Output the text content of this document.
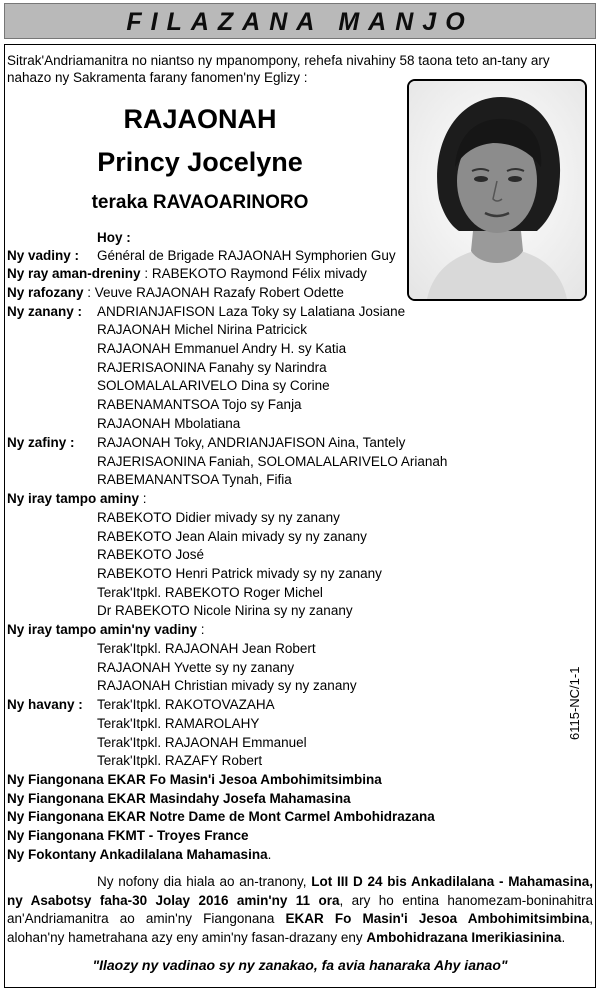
FILAZANA MANJO
Sitrak'Andriamanitra no niantso ny mpanompony, rehefa nivahiny 58 taona teto an-tany ary nahazo ny Sakramenta farany fanomen'ny Eglizy :
RAJAONAH
Princy Jocelyne
teraka RAVAOARINORO
Hoy :
Ny vadiny : Général de Brigade RAJAONAH Symphorien Guy
Ny ray aman-dreniny : RABEKOTO Raymond Félix mivady
Ny rafozany : Veuve RAJAONAH Razafy Robert Odette
Ny zanany : ANDRIANJAFISON Laza Toky sy Lalatiana Josiane
RAJAONAH Michel Nirina Patricick
RAJAONAH Emmanuel Andry H. sy Katia
RAJERISAONINA Fanahy sy Narindra
SOLOMALALARIVELO Dina sy Corine
RABENAMANTSOA Tojo sy Fanja
RAJAONAH Mbolatiana
Ny zafiny : RAJAONAH Toky, ANDRIANJAFISON Aina, Tantely
RAJERISAONINA Faniah, SOLOMALALARIVELO Arianah
RABEMANANTSOA Tynah, Fifia
Ny iray tampo aminy :
RABEKOTO Didier mivady sy ny zanany
RABEKOTO Jean Alain mivady sy ny zanany
RABEKOTO José
RABEKOTO Henri Patrick mivady sy ny zanany
Terak'Itpkl. RABEKOTO Roger Michel
Dr RABEKOTO Nicole Nirina sy ny zanany
Ny iray tampo amin'ny vadiny :
Terak'Itpkl. RAJAONAH Jean Robert
RAJAONAH Yvette sy ny zanany
RAJAONAH Christian mivady sy ny zanany
Ny havany : Terak'Itpkl. RAKOTOVAZAHA
Terak'Itpkl. RAMAROLAHY
Terak'Itpkl. RAJAONAH Emmanuel
Terak'Itpkl. RAZAFY Robert
Ny Fiangonana EKAR Fo Masin'i Jesoa Ambohimitsimbina
Ny Fiangonana EKAR Masindahy Josefa Mahamasina
Ny Fiangonana EKAR Notre Dame de Mont Carmel Ambohidrazana
Ny Fiangonana FKMT - Troyes France
Ny Fokontany Ankadilalana Mahamasina.
Ny nofony dia hiala ao an-tranony, Lot III D 24 bis Ankadilalana - Mahamasina, ny Asabotsy faha-30 Jolay 2016 amin'ny 11 ora, ary ho entina hanomezam-boninahitra an'Andriamanitra ao amin'ny Fiangonana EKAR Fo Masin'i Jesoa Ambohimitsimbina, alohan'ny hametrahana azy eny amin'ny fasan-drazany eny Ambohidrazana Imerikiasinina.
"Ilaozy ny vadinao sy ny zanakao, fa avia hanaraka Ahy ianao"
6115-NC/1-1
